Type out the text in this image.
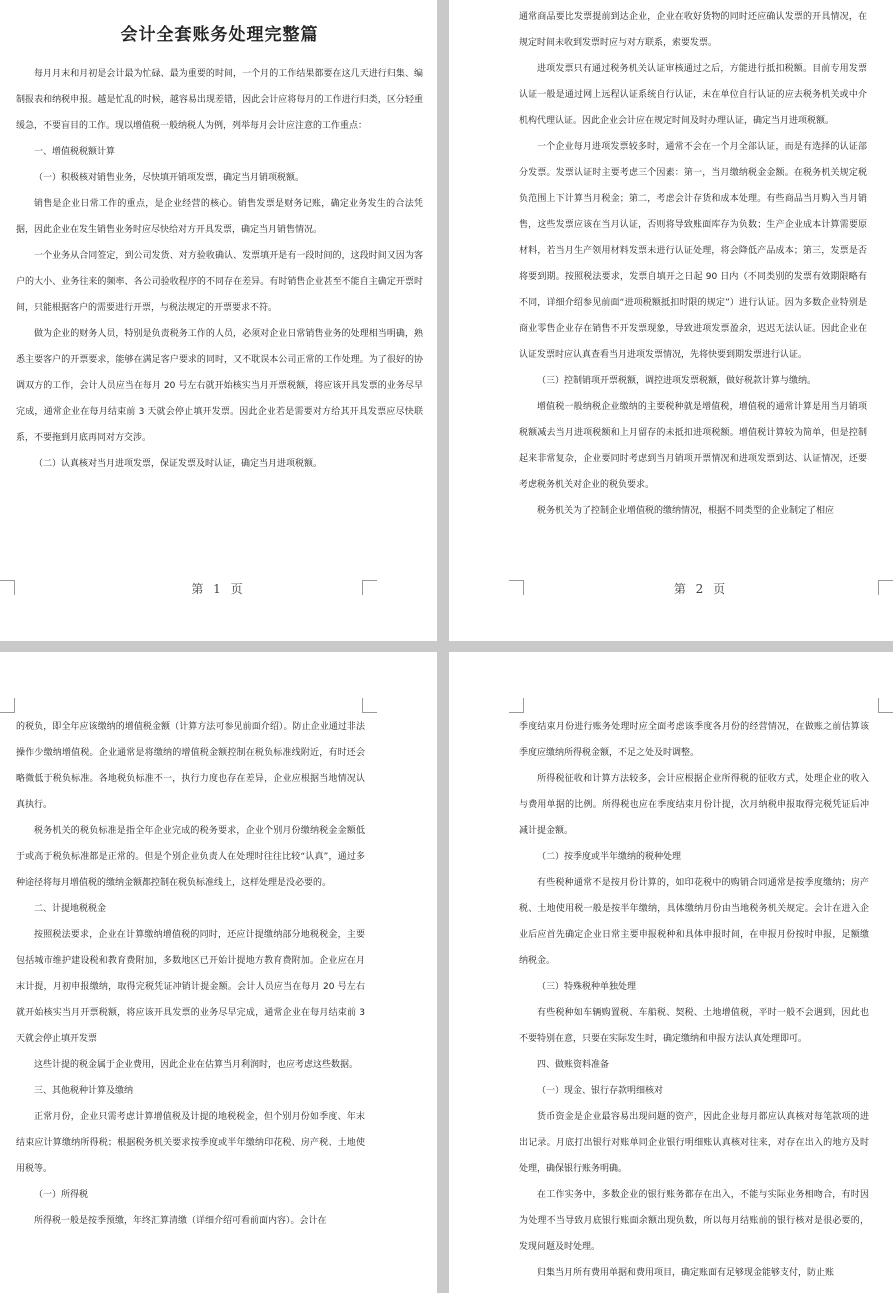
会计全套账务处理完整篇

每月月末和月初是会计最为忙碌、最为重要的时间，一个月的工作结果都要在这几天进行归集、编制报表和纳税申报。越是忙乱的时候，越容易出现差错，因此会计应将每月的工作进行归类，区分轻重缓急，不要盲目的工作。现以增值税一般纳税人为例，列举每月会计应注意的工作重点：

一、增值税税额计算

（一）积极核对销售业务，尽快填开销项发票，确定当月销项税额。

销售是企业日常工作的重点，是企业经营的核心。销售发票是财务记账，确定业务发生的合法凭据，因此企业在发生销售业务时应尽快给对方开具发票，确定当月销售情况。

一个业务从合同签定，到公司发货、对方验收确认、发票填开是有一段时间的，这段时间又因为客户的大小、业务往来的频率、各公司验收程序的不同存在差异。有时销售企业甚至不能自主确定开票时间，只能根据客户的需要进行开票，与税法规定的开票要求不符。

做为企业的财务人员，特别是负责税务工作的人员，必须对企业日常销售业务的处理相当明确，熟悉主要客户的开票要求，能够在满足客户要求的同时，又不耽误本公司正常的工作处理。为了很好的协调双方的工作，会计人员应当在每月 20 号左右就开始核实当月开票税额，将应该开具发票的业务尽早完成，通常企业在每月结束前 3 天就会停止填开发票。因此企业若是需要对方给其开具发票应尽快联系，不要拖到月底再同对方交涉。

（二）认真核对当月进项发票，保证发票及时认证，确定当月进项税额。

第 1 页

通常商品要比发票提前到达企业，企业在收好货物的同时还应确认发票的开具情况，在规定时间未收到发票时应与对方联系，索要发票。

进项发票只有通过税务机关认证审核通过之后，方能进行抵扣税额。目前专用发票认证一般是通过网上远程认证系统自行认证，未在单位自行认证的应去税务机关或中介机构代理认证。因此企业会计应在规定时间及时办理认证，确定当月进项税额。

一个企业每月进项发票较多时，通常不会在一个月全部认证，而是有选择的认证部分发票。发票认证时主要考虑三个因素：第一，当月缴纳税金金额。在税务机关规定税负范围上下计算当月税金；第二，考虑会计存货和成本处理。有些商品当月购入当月销售，这些发票应该在当月认证，否则将导致账面库存为负数；生产企业成本计算需要原材料，若当月生产领用材料发票未进行认证处理，将会降低产品成本；第三，发票是否将要到期。按照税法要求，发票自填开之日起 90 日内（不同类别的发票有效期限略有不同，详细介绍参见前面“进项税额抵扣时限的规定”）进行认证。因为多数企业特别是商业零售企业存在销售不开发票现象，导致进项发票盈余，迟迟无法认证。因此企业在认证发票时应认真查看当月进项发票情况，先将快要到期发票进行认证。

（三）控制销项开票税额，调控进项发票税额，做好税款计算与缴纳。

增值税一般纳税企业缴纳的主要税种就是增值税，增值税的通常计算是用当月销项税额减去当月进项税额和上月留存的未抵扣进项税额。增值税计算较为简单，但是控制起来非常复杂，企业要同时考虑到当月销项开票情况和进项发票到达、认证情况，还要考虑税务机关对企业的税负要求。

税务机关为了控制企业增值税的缴纳情况，根据不同类型的企业制定了相应

第 2 页

的税负，即全年应该缴纳的增值税金额（计算方法可参见前面介绍）。防止企业通过非法操作少缴纳增值税。企业通常是将缴纳的增值税金额控制在税负标准线附近，有时还会略微低于税负标准。各地税负标准不一，执行力度也存在差异，企业应根据当地情况认真执行。

税务机关的税负标准是指全年企业完成的税务要求，企业个别月份缴纳税金金额低于或高于税负标准都是正常的。但是个别企业负责人在处理时往往比较“认真”，通过多种途径将每月增值税的缴纳金额都控制在税负标准线上，这样处理是没必要的。

二、计提地税税金

按照税法要求，企业在计算缴纳增值税的同时，还应计提缴纳部分地税税金，主要包括城市维护建设税和教育费附加，多数地区已开始计提地方教育费附加。企业应在月末计提，月初申报缴纳，取得完税凭证冲销计提金额。会计人员应当在每月 20 号左右就开始核实当月开票税额，将应该开具发票的业务尽早完成，通常企业在每月结束前 3 天就会停止填开发票

这些计提的税金属于企业费用，因此企业在估算当月利润时，也应考虑这些数据。

三、其他税种计算及缴纳

正常月份，企业只需考虑计算增值税及计提的地税税金，但个别月份如季度、年末结束应计算缴纳所得税；根据税务机关要求按季度或半年缴纳印花税、房产税、土地使用税等。

（一）所得税

所得税一般是按季预缴，年终汇算清缴（详细介绍可看前面内容）。会计在

季度结束月份进行账务处理时应全面考虑该季度各月份的经营情况，在做账之前估算该季度应缴纳所得税金额，不足之处及时调整。

所得税征收和计算方法较多，会计应根据企业所得税的征收方式，处理企业的收入与费用单据的比例。所得税也应在季度结束月份计提，次月纳税申报取得完税凭证后冲减计提金额。

（二）按季度或半年缴纳的税种处理

有些税种通常不是按月份计算的，如印花税中的购销合同通常是按季度缴纳；房产税、土地使用税一般是按半年缴纳，具体缴纳月份由当地税务机关规定。会计在进入企业后应首先确定企业日常主要申报税种和具体申报时间，在申报月份按时申报，足额缴纳税金。

（三）特殊税种单独处理

有些税种如车辆购置税、车船税、契税、土地增值税，平时一般不会遇到，因此也不要特别在意，只要在实际发生时，确定缴纳和申报方法认真处理即可。

四、做账资料准备

（一）现金、银行存款明细核对

货币资金是企业最容易出现问题的资产，因此企业每月都应认真核对每笔款项的进出记录。月底打出银行对账单同企业银行明细账认真核对往来，对存在出入的地方及时处理，确保银行账务明确。

在工作实务中，多数企业的银行账务都存在出入，不能与实际业务相吻合，有时因为处理不当导致月底银行账面余额出现负数，所以每月结账前的银行核对是很必要的，发现问题及时处理。

归集当月所有费用单据和费用项目，确定账面有足够现金能够支付，防止账
